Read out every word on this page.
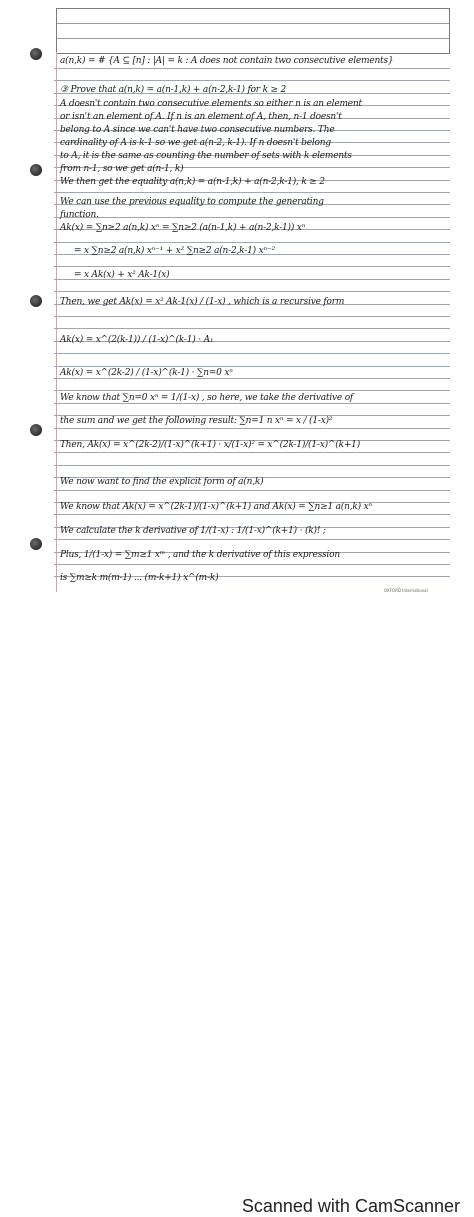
a(n,k) = # {A ⊆ [n] : |A| = k : A does not contain two consecutive elements}
③ Prove that a(n,k) = a(n-1,k) + a(n-2,k-1) for k ≥ 2
A doesn't contain two consecutive elements so either n is an element
or isn't an element of A. If n is an element of A, then, n-1 doesn't
belong to A since we can't have two consecutive numbers. The
cardinality of A is k-1 so we get a(n-2, k-1). If n doesn't belong
to A, it is the same as counting the number of sets with k elements
from n-1, so we get a(n-1, k)
We then get the equality a(n,k) = a(n-1,k) + a(n-2,k-1), k ≥ 2
We can use the previous equality to compute the generating
function.
Ak(x) = ∑n≥2 a(n,k) xⁿ = ∑n≥2 (a(n-1,k) + a(n-2,k-1)) xⁿ
= x ∑n≥2 a(n,k) xⁿ⁻¹ + x² ∑n≥2 a(n-2,k-1) xⁿ⁻²
= x Ak(x) + x² Ak-1(x)
Then, we get Ak(x) = x² Ak-1(x) / (1-x) , which is a recursive form
Ak(x) = x^(2(k-1)) / (1-x)^(k-1) · A₁
Ak(x) = x^(2k-2) / (1-x)^(k-1) · ∑n=0 xⁿ
We know that ∑n=0 xⁿ = 1/(1-x) , so here, we take the derivative of
the sum and we get the following result: ∑n=1 n xⁿ = x / (1-x)²
Then, Ak(x) = x^(2k-2)/(1-x)^(k+1) · x/(1-x)² = x^(2k-1)/(1-x)^(k+1)
We now want to find the explicit form of a(n,k)
We know that Ak(x) = x^(2k-1)/(1-x)^(k+1) and Ak(x) = ∑n≥1 a(n,k) xⁿ
We calculate the k derivative of 1/(1-x) : 1/(1-x)^(k+1) · (k)! ;
Plus, 1/(1-x) = ∑m≥1 xᵐ , and the k derivative of this expression
is ∑m≥k m(m-1) ... (m-k+1) x^(m-k)
OXFORD International
Scanned with CamScanner
